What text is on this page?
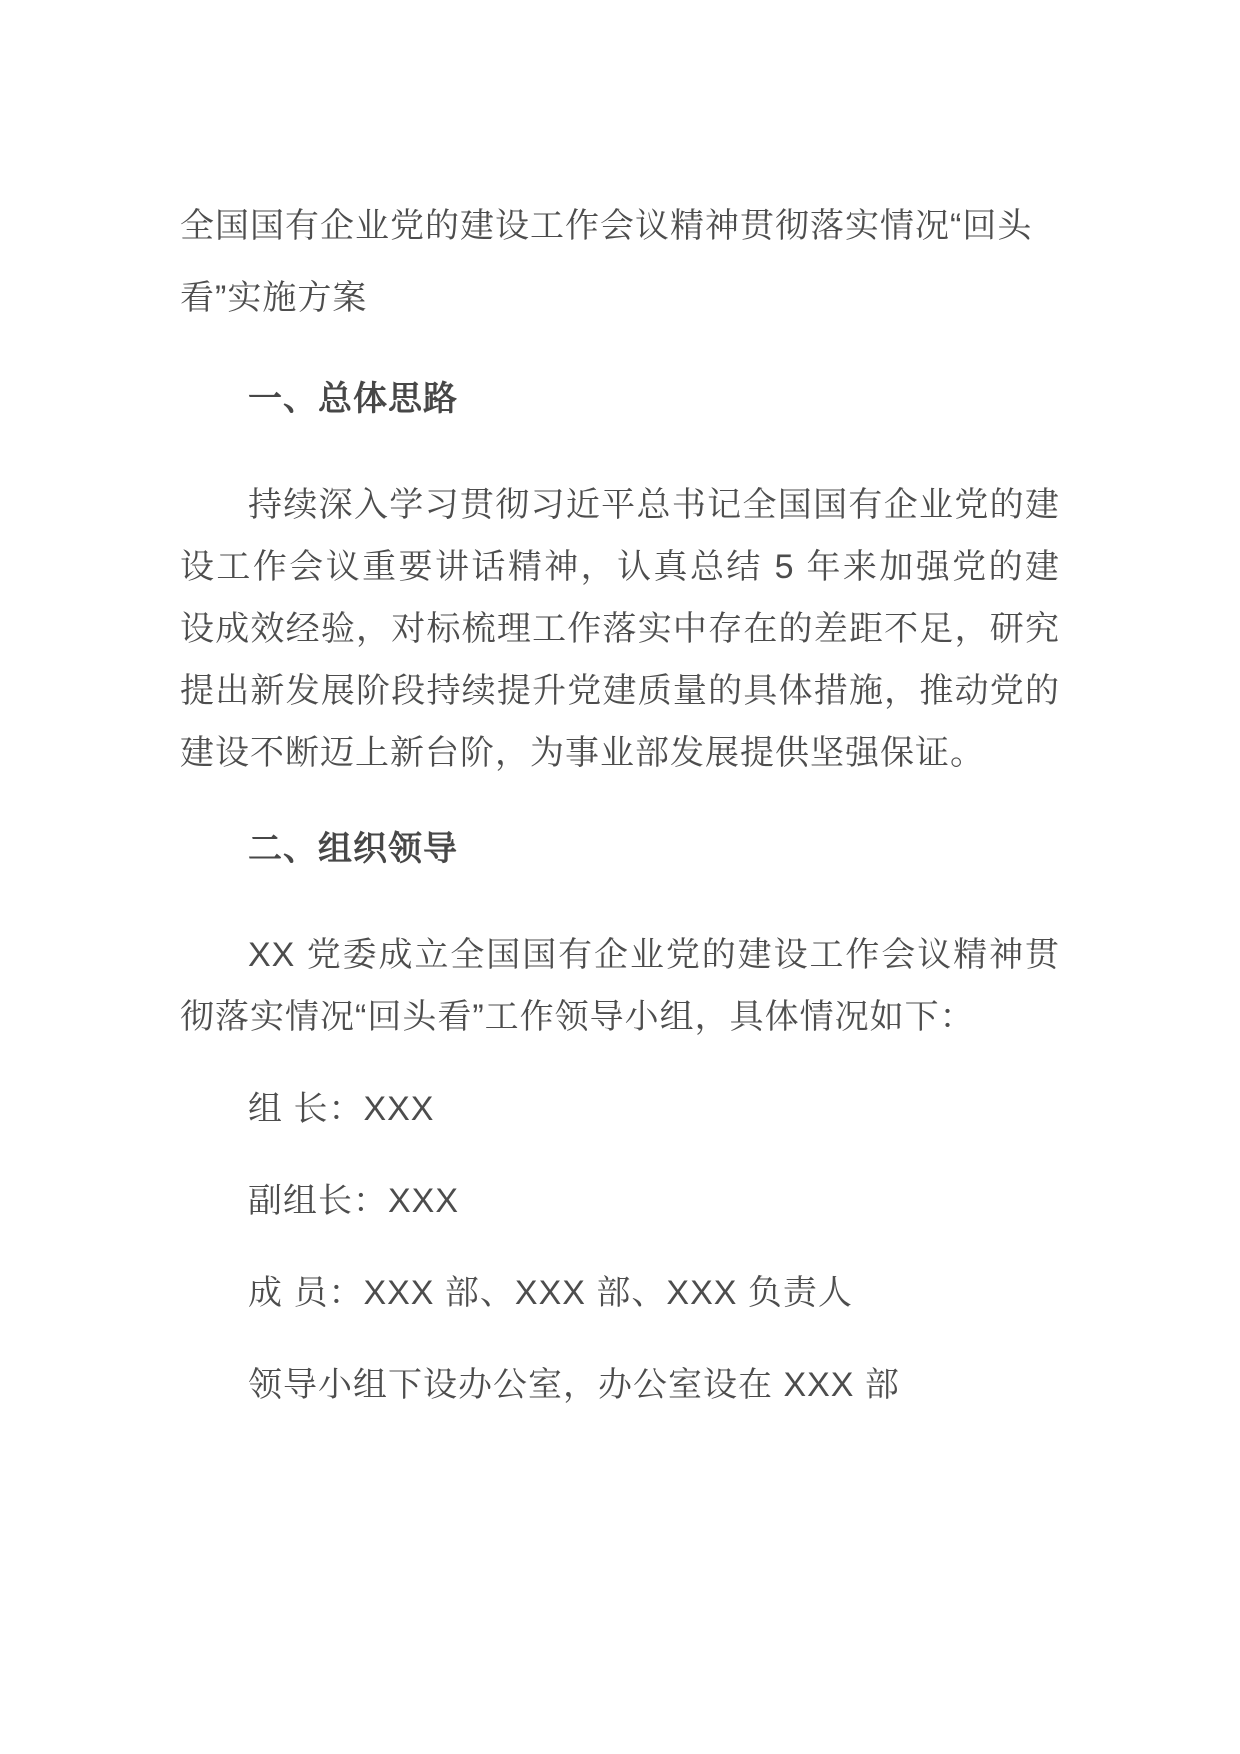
全国国有企业党的建设工作会议精神贯彻落实情况“回头看”实施方案
一、总体思路

持续深入学习贯彻习近平总书记全国国有企业党的建设工作会议重要讲话精神，认真总结 5 年来加强党的建设成效经验，对标梳理工作落实中存在的差距不足，研究提出新发展阶段持续提升党建质量的具体措施，推动党的建设不断迈上新台阶，为事业部发展提供坚强保证。

二、组织领导

XX 党委成立全国国有企业党的建设工作会议精神贯彻落实情况“回头看”工作领导小组，具体情况如下：

组 长：XXX

副组长：XXX

成 员：XXX 部、XXX 部、XXX 负责人

领导小组下设办公室，办公室设在 XXX 部
